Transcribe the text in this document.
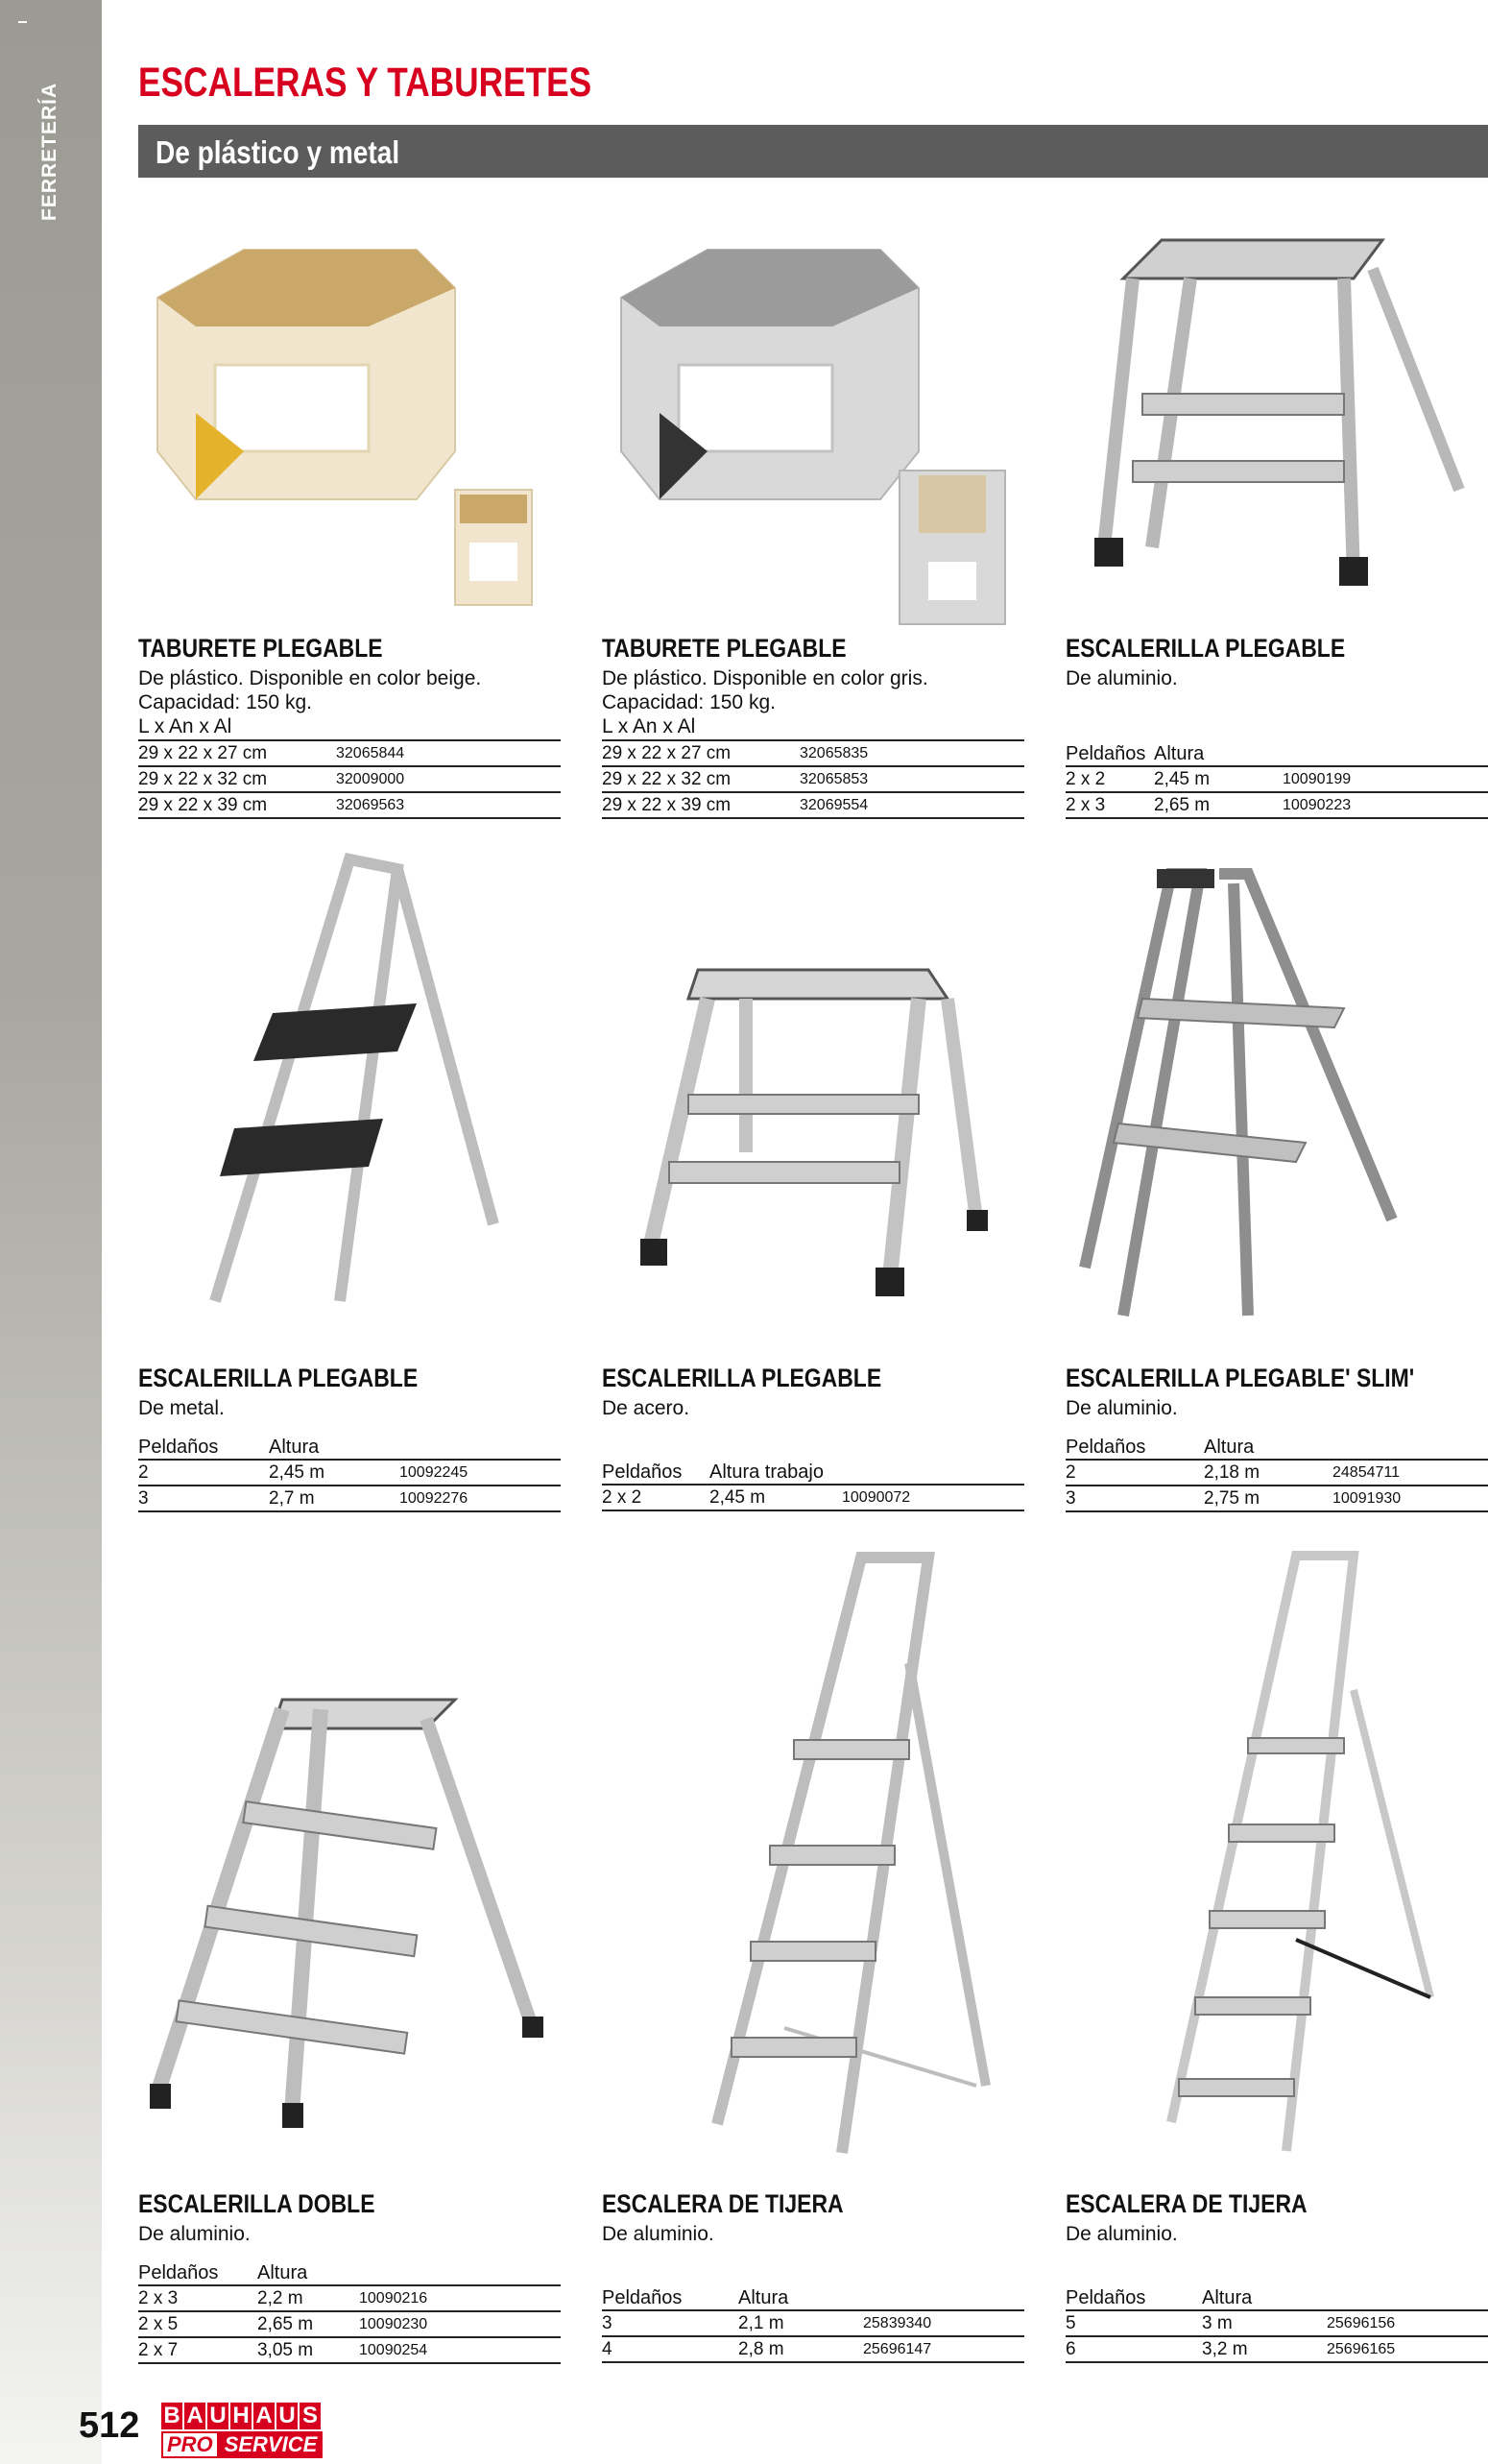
FERRETERÍA ESCALERAS Y TABURETES
De plástico y metal
TABURETE PLEGABLE
De plástico. Disponible en color beige.
Capacidad: 150 kg.
L x An x Al
29 x 22 x 27 cm	32065844
29 x 22 x 32 cm	32009000
29 x 22 x 39 cm	32069563
TABURETE PLEGABLE
De plástico. Disponible en color gris.
Capacidad: 150 kg.
L x An x Al
29 x 22 x 27 cm	32065835
29 x 22 x 32 cm	32065853
29 x 22 x 39 cm	32069554
ESCALERILLA PLEGABLE
De aluminio.
Peldaños	Altura	
2 x 2	2,45 m	10090199
2 x 3	2,65 m	10090223
ESCALERILLA PLEGABLE
De metal.
Peldaños	Altura	
2	2,45 m	10092245
3	2,7 m	10092276
ESCALERILLA PLEGABLE
De acero.
Peldaños	Altura trabajo	
2 x 2	2,45 m	10090072
ESCALERILLA PLEGABLE' SLIM'
De aluminio.
Peldaños	Altura	
2	2,18 m	24854711
3	2,75 m	10091930
ESCALERILLA DOBLE
De aluminio.
Peldaños	Altura	
2 x 3	2,2 m	10090216
2 x 5	2,65 m	10090230
2 x 7	3,05 m	10090254
ESCALERA DE TIJERA
De aluminio.
Peldaños	Altura	
3	2,1 m	25839340
4	2,8 m	25696147
ESCALERA DE TIJERA
De aluminio.
Peldaños	Altura	
5	3 m	25696156
6	3,2 m	25696165
512 B A U H A U S
PRO SERVICE
